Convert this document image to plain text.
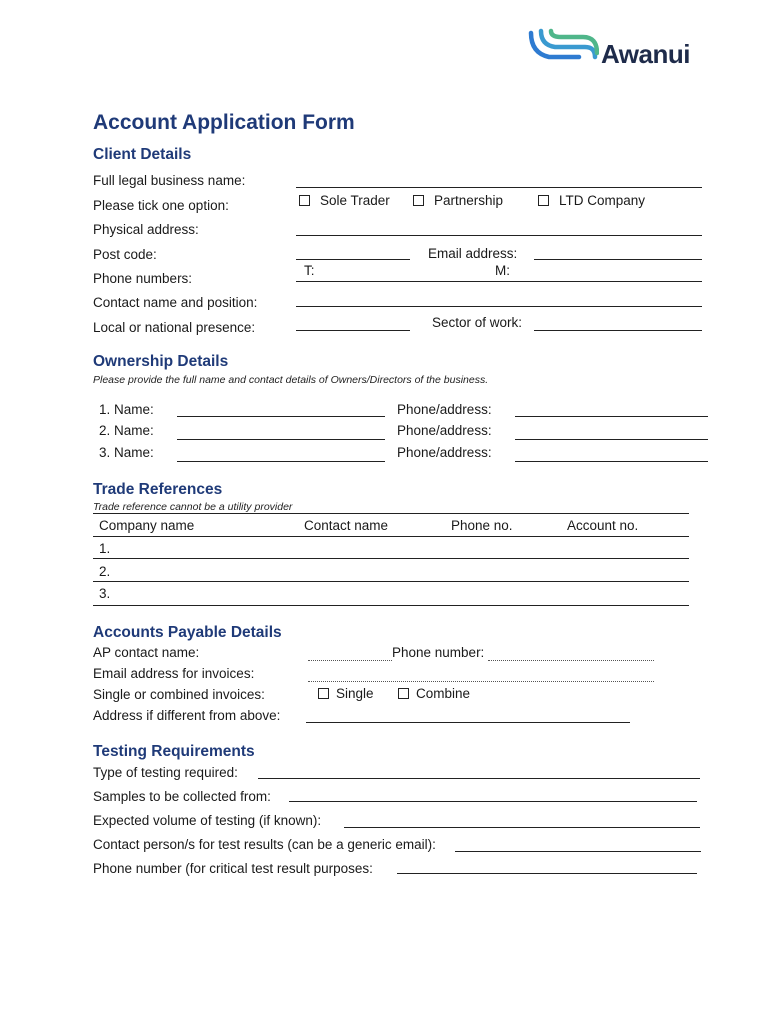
Awanui
Account Application Form
Client Details
Full legal business name:
Please tick one option:	Sole Trader	Partnership	LTD Company
Physical address:
Post code:	Email address:
Phone numbers:
T:	M:
Contact name and position:
Local or national presence:	Sector of work:
Ownership Details
Please provide the full name and contact details of Owners/Directors of the business.
1. Name:	Phone/address:
2. Name:	Phone/address:
3. Name:	Phone/address:
Trade References
Trade reference cannot be a utility provider
Company name	Contact name	Phone no.	Account no.
1.
2.
3.
Accounts Payable Details
AP contact name:	Phone number:
Email address for invoices:
Single or combined invoices:	Single	Combine
Address if different from above:
Testing Requirements
Type of testing required:
Samples to be collected from:
Expected volume of testing (if known):
Contact person/s for test results (can be a generic email):
Phone number (for critical test result purposes:
